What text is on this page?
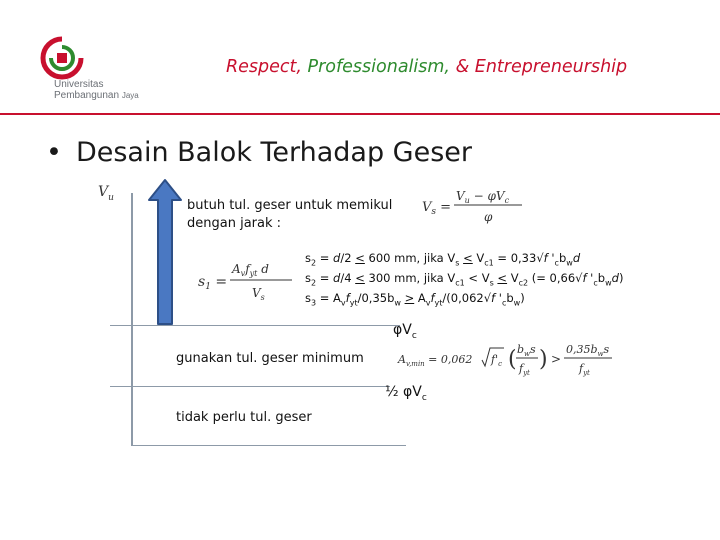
Universitas
Pembangunan Jaya
Respect, Professionalism, & Entrepreneurship
• Desain Balok Terhadap Geser
$V_u$
butuh tul. geser untuk memikul
dengan jarak :
$V_s$ =
$V_u - \varphi V_c$
φ
$s_1$ =
$A_vf_{yt}$ d
$V_s$
$s_2 = d/2 < 600$ mm, jika $V_s < V_{c1} = 0,33√f$ '$_cb_wd$
$s_2 = d/4 < 300$ mm, jika $V_{c1} < V_s < V_{c2}$ (= 0,66√f '$_cb_wd$)
$s_3 = A_vf_{yt}/0,35b_w > A_vf_{yt}/(0,062√f$ '$_cb_w$)
$\varphi V_c$
gunakan tul. geser minimum	$A_{v,min} = 0,062$ $f'_c$ ( $b_ws$
$f_{yt}$
) >
$0,35b_ws$
$f_{yt}$
½ $\varphi V_c$
tidak perlu tul. geser
